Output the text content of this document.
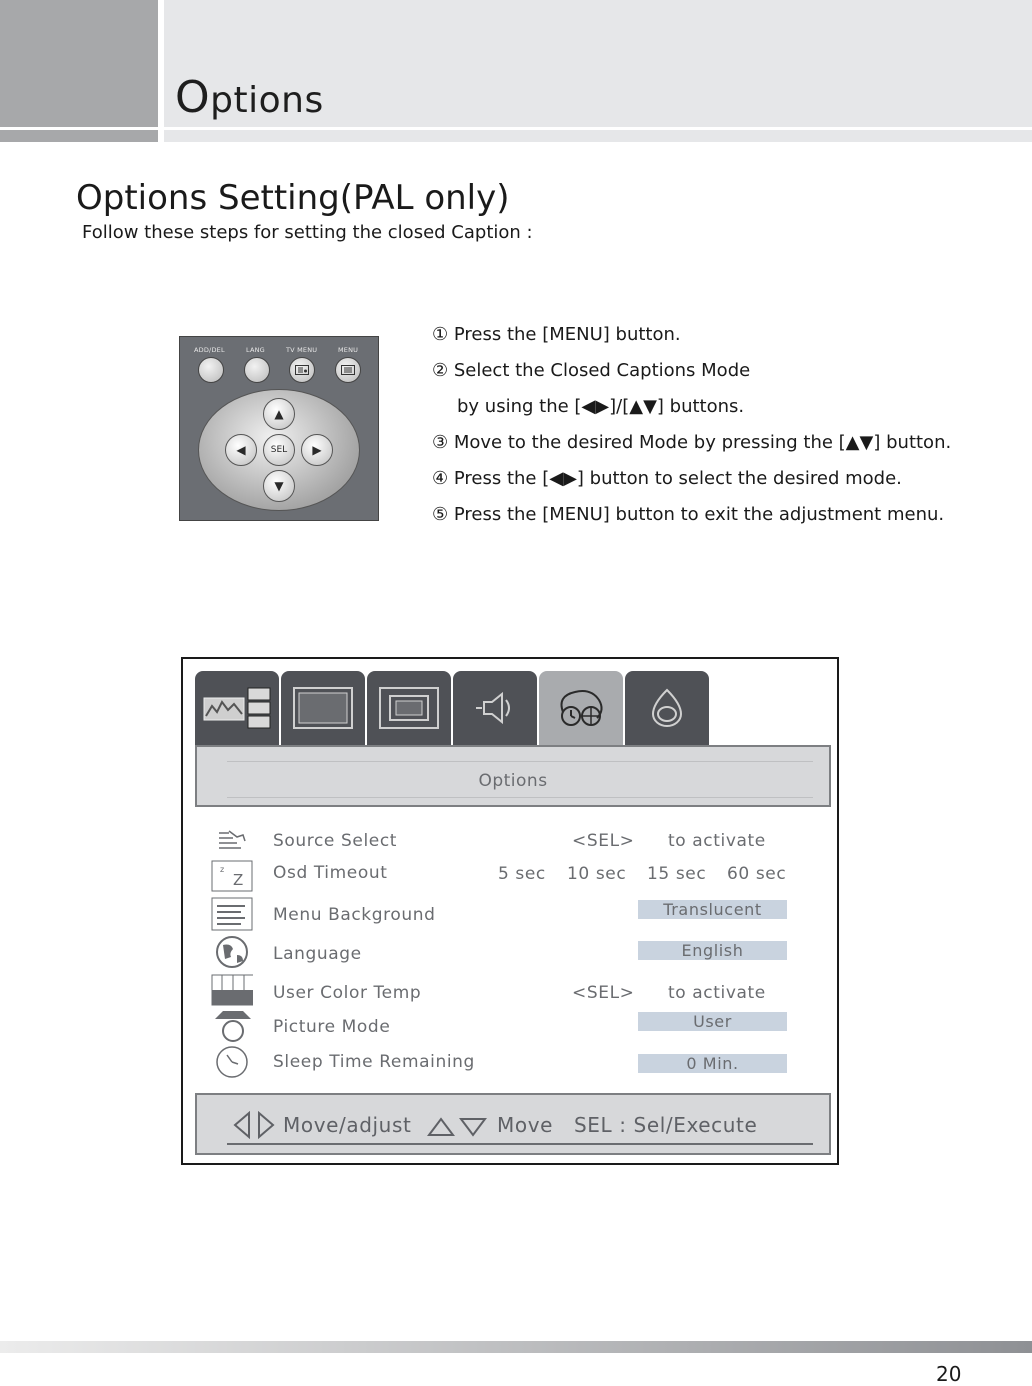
Options
Options Setting(PAL only)
Follow these steps for setting the closed Caption :
ADD/DEL	LANG	TV MENU	MENU
▲
◀	SEL	▶
▼
① Press the [MENU] button.
② Select the Closed Captions Mode
by using the [◀▶]/[▲▼] buttons.
③ Move to the desired Mode by pressing the [▲▼] button.
④ Press the [◀▶] button to select the desired mode.
⑤ Press the [MENU] button to exit the adjustment menu.
Options
Source Select	<SEL> to activate
z
Z Osd Timeout	5 sec 10 sec 15 sec 60 sec
Menu Background	Translucent
Language	English
User Color Temp	<SEL> to activate
Picture Mode	User
Sleep Time Remaining	0 Min.
Move/adjust	Move SEL : Sel/Execute
20
